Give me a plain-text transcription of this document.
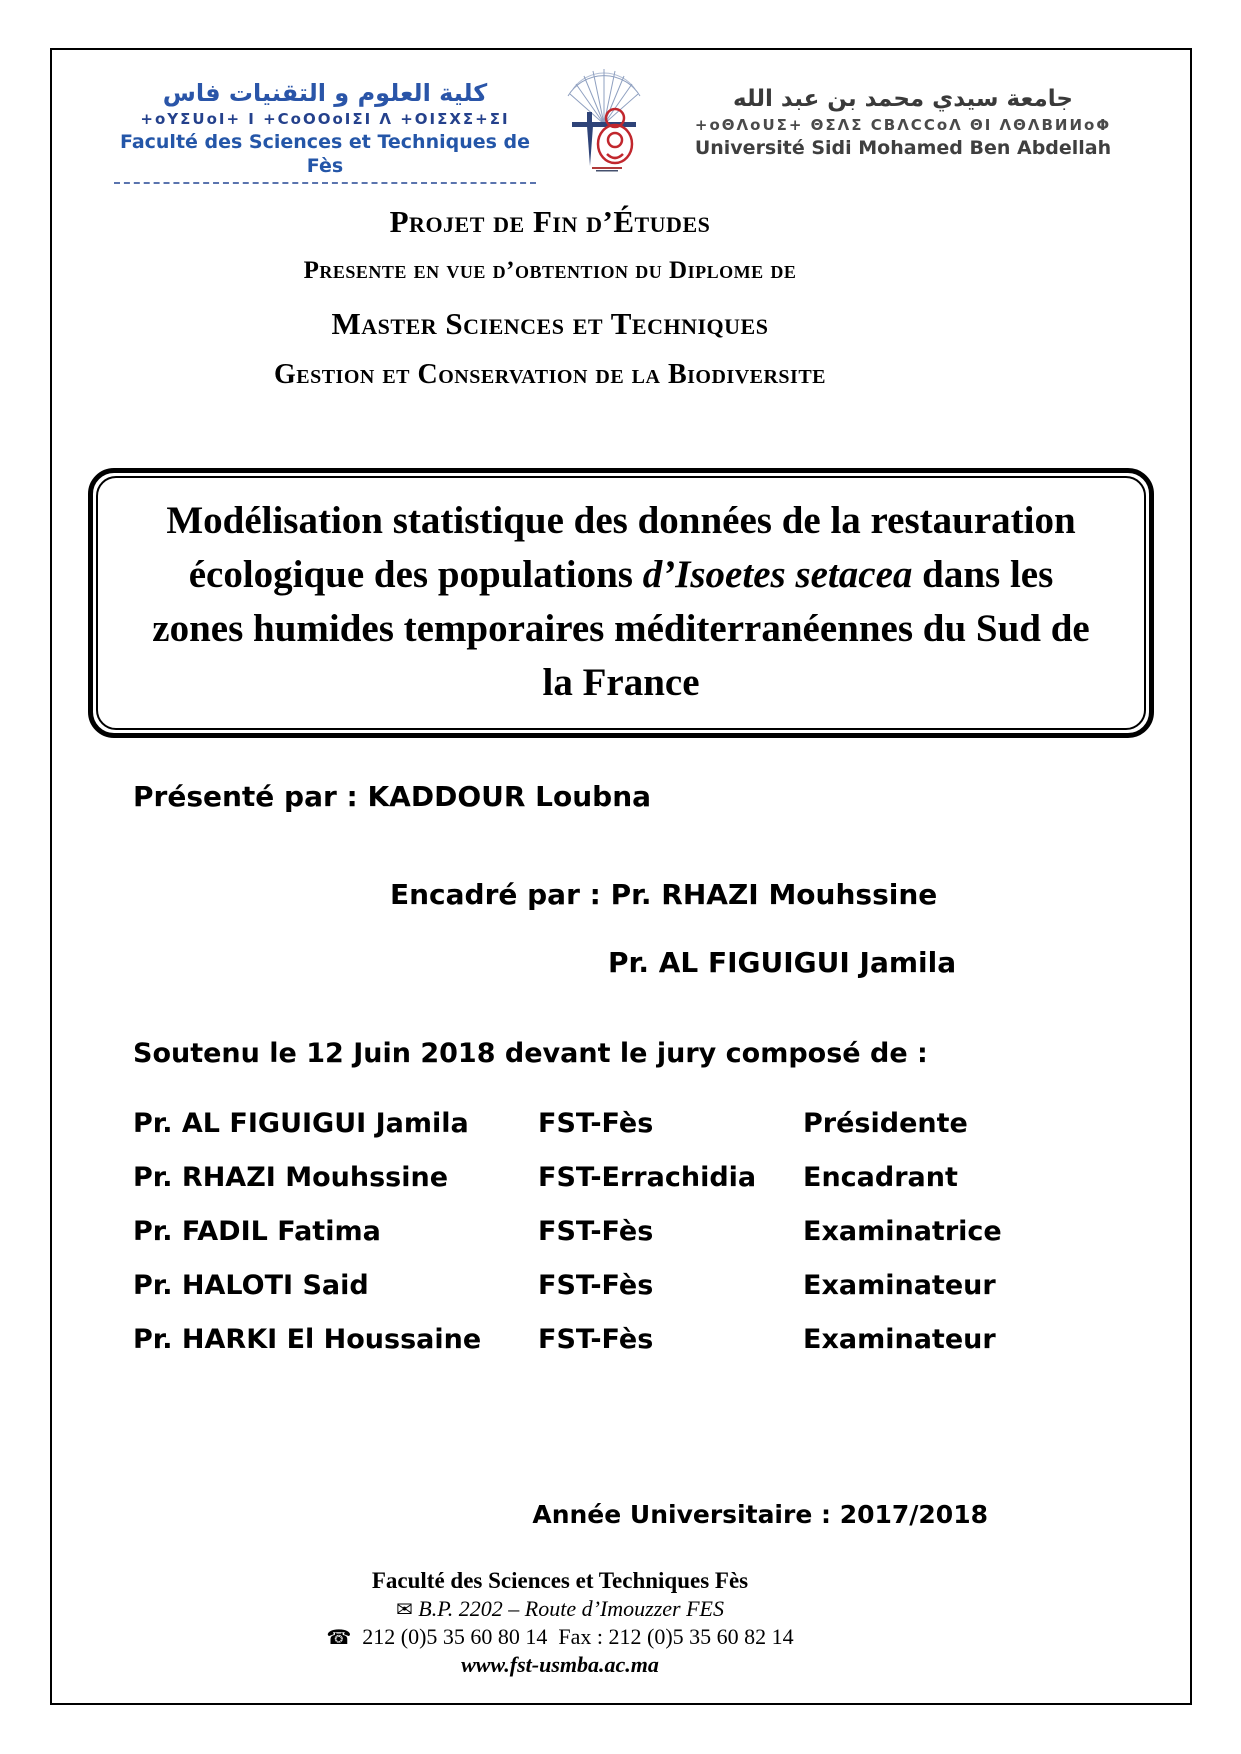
كلية العلوم و التقنيات فاس
+oYΣUoI+ I +CoOOoIΣI Λ +OIΣXΣ+ΣI
Faculté des Sciences et Techniques de Fès
جامعة سيدي محمد بن عبد الله
+oΘΛoUΣ+ ΘΣΛΣ CBΛCCoΛ ΘI ΛΘΛBИИoΦ
Université Sidi Mohamed Ben Abdellah
Projet de Fin d’Études
Presente en vue d’obtention du Diplome de
Master Sciences et Techniques
Gestion et Conservation de la Biodiversite
Modélisation statistique des données de la restauration
écologique des populations d’Isoetes setacea dans les
zones humides temporaires méditerranéennes du Sud de
la France
Présenté par : KADDOUR Loubna
Encadré par : Pr. RHAZI Mouhssine
Pr. AL FIGUIGUI Jamila
Soutenu le 12 Juin 2018 devant le jury composé de :
Pr. AL FIGUIGUI Jamila	FST-Fès	Présidente
Pr. RHAZI Mouhssine	FST-Errachidia	Encadrant
Pr. FADIL Fatima	FST-Fès	Examinatrice
Pr. HALOTI Said	FST-Fès	Examinateur
Pr. HARKI El Houssaine	FST-Fès	Examinateur
Année Universitaire : 2017/2018
Faculté des Sciences et Techniques Fès
✉ B.P. 2202 – Route d’Imouzzer FES
☎ 212 (0)5 35 60 80 14  Fax : 212 (0)5 35 60 82 14
www.fst-usmba.ac.ma
